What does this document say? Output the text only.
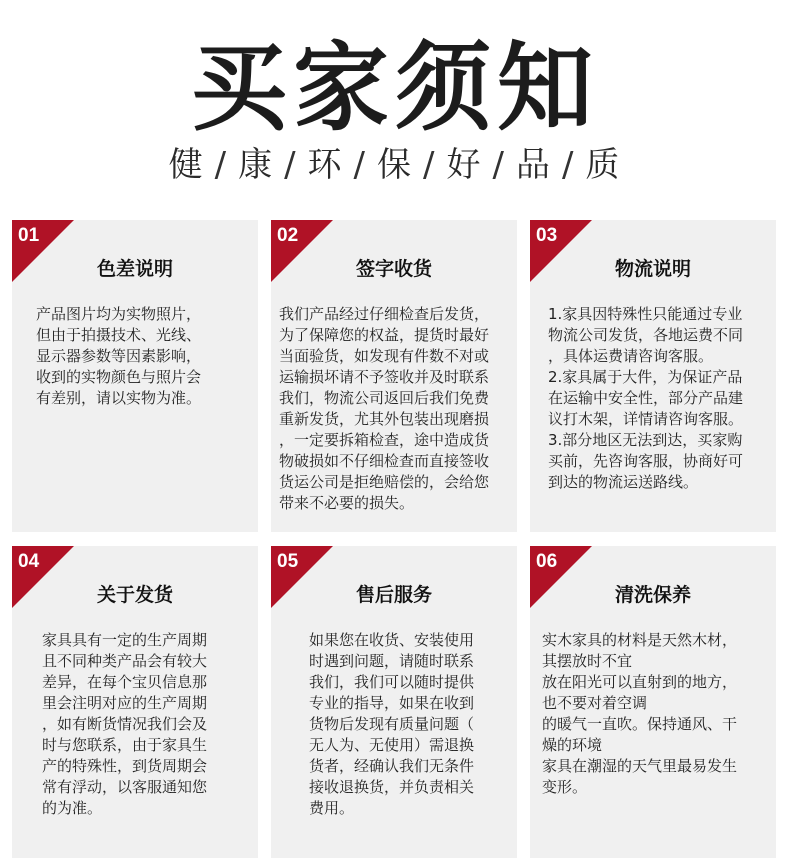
买家须知
健 / 康 / 环 / 保 / 好 / 品 / 质
01
色差说明
产品图片均为实物照片，
但由于拍摄技术、光线、
显示器参数等因素影响，
收到的实物颜色与照片会
有差别，请以实物为准。
02
签字收货
我们产品经过仔细检查后发货，
为了保障您的权益，提货时最好
当面验货，如发现有件数不对或
运输损坏请不予签收并及时联系
我们，物流公司返回后我们免费
重新发货，尤其外包装出现磨损
，一定要拆箱检查，途中造成货
物破损如不仔细检查而直接签收
货运公司是拒绝赔偿的，会给您
带来不必要的损失。
03
物流说明
1.家具因特殊性只能通过专业
物流公司发货，各地运费不同
，具体运费请咨询客服。
2.家具属于大件，为保证产品
在运输中安全性，部分产品建
议打木架，详情请咨询客服。
3.部分地区无法到达，买家购
买前，先咨询客服，协商好可
到达的物流运送路线。
04
关于发货
家具具有一定的生产周期
且不同种类产品会有较大
差异，在每个宝贝信息那
里会注明对应的生产周期
，如有断货情况我们会及
时与您联系，由于家具生
产的特殊性，到货周期会
常有浮动，以客服通知您
的为准。
05
售后服务
如果您在收货、安装使用
时遇到问题，请随时联系
我们，我们可以随时提供
专业的指导，如果在收到
货物后发现有质量问题（
无人为、无使用）需退换
货者，经确认我们无条件
接收退换货，并负责相关
费用。
06
清洗保养
实木家具的材料是天然木材，
其摆放时不宜
放在阳光可以直射到的地方，
也不要对着空调
的暖气一直吹。保持通风、干
燥的环境
家具在潮湿的天气里最易发生
变形。
